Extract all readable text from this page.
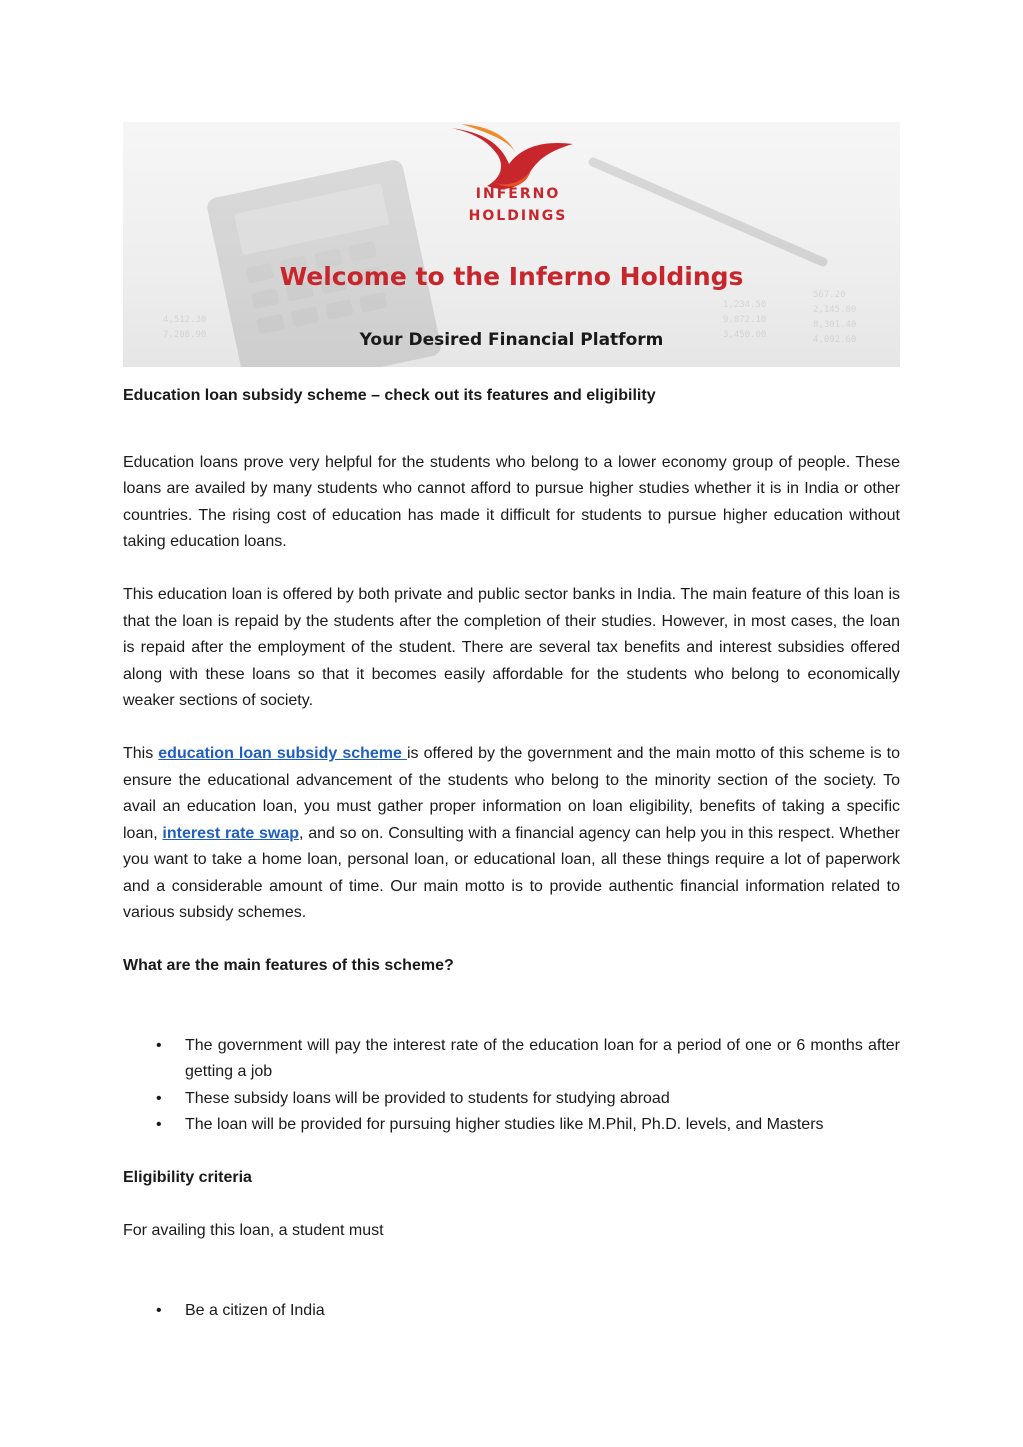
1,234.50
9,872.10
3,450.00
567.20
2,145.80
8,301.40
4,092.60
4,512.30
7,208.90
INFERNO
HOLDINGS
Welcome to the Inferno Holdings
Your Desired Financial Platform

Education loan subsidy scheme – check out its features and eligibility

Education loans prove very helpful for the students who belong to a lower economy group of people. These loans are availed by many students who cannot afford to pursue higher studies whether it is in India or other countries. The rising cost of education has made it difficult for students to pursue higher education without taking education loans.

This education loan is offered by both private and public sector banks in India. The main feature of this loan is that the loan is repaid by the students after the completion of their studies. However, in most cases, the loan is repaid after the employment of the student. There are several tax benefits and interest subsidies offered along with these loans so that it becomes easily affordable for the students who belong to economically weaker sections of society.

This education loan subsidy scheme is offered by the government and the main motto of this scheme is to ensure the educational advancement of the students who belong to the minority section of the society. To avail an education loan, you must gather proper information on loan eligibility, benefits of taking a specific loan, interest rate swap, and so on. Consulting with a financial agency can help you in this respect. Whether you want to take a home loan, personal loan, or educational loan, all these things require a lot of paperwork and a considerable amount of time. Our main motto is to provide authentic financial information related to various subsidy schemes.

What are the main features of this scheme?

• The government will pay the interest rate of the education loan for a period of one or 6 months after getting a job
• These subsidy loans will be provided to students for studying abroad
• The loan will be provided for pursuing higher studies like M.Phil, Ph.D. levels, and Masters

Eligibility criteria

For availing this loan, a student must

• Be a citizen of India
